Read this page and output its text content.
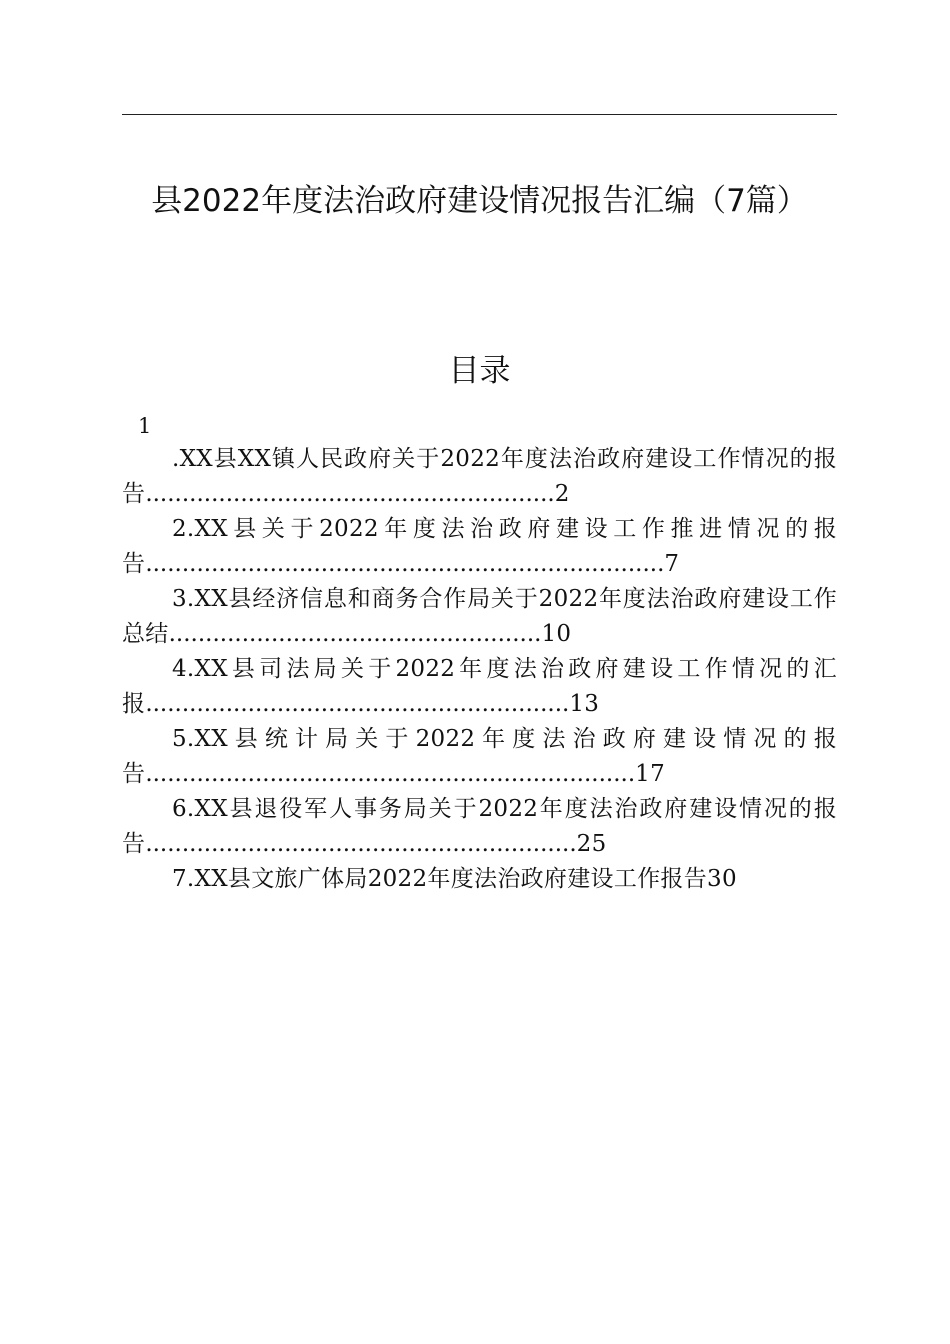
县2022年度法治政府建设情况报告汇编（7篇）
目录
1
.XX县XX镇人民政府关于2022年度法治政府建设工作情况的报告........................................................2
2.XX县关于2022年度法治政府建设工作推进情况的报告.......................................................................7
3.XX县经济信息和商务合作局关于2022年度法治政府建设工作总结...................................................10
4.XX县司法局关于2022年度法治政府建设工作情况的汇报..........................................................13
5.XX县统计局关于2022年度法治政府建设情况的报告...................................................................17
6.XX县退役军人事务局关于2022年度法治政府建设情况的报告...........................................................25
7.XX县文旅广体局2022年度法治政府建设工作报告30
